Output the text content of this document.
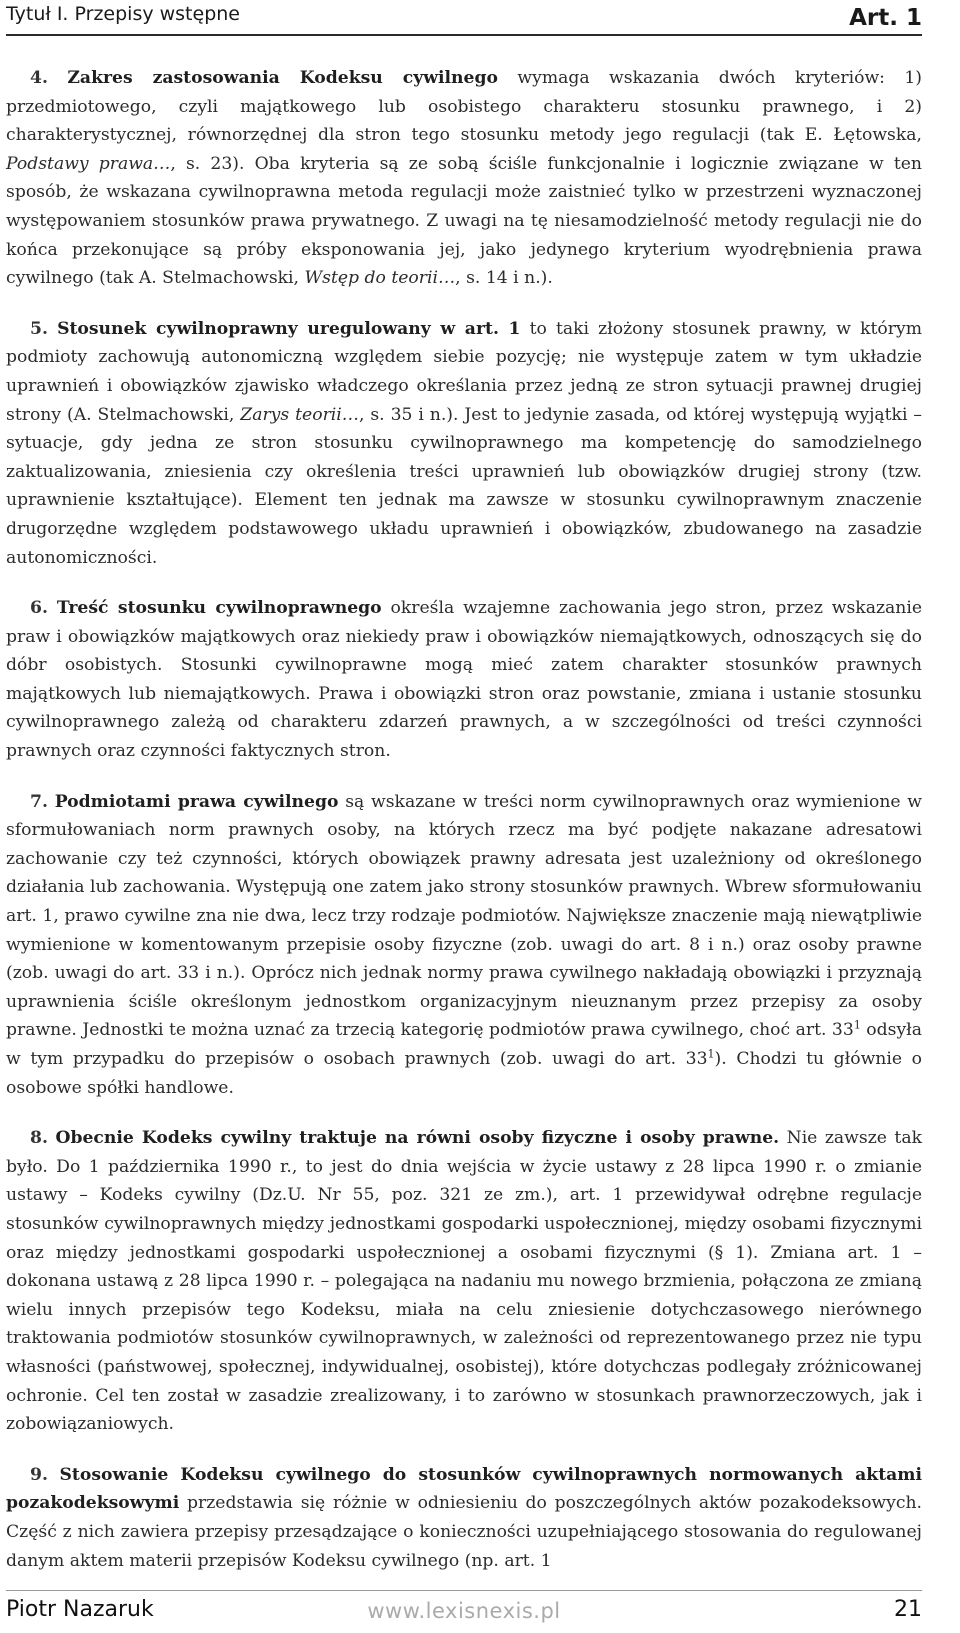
Tytuł I. Przepisy wstępne	Art. 1

4. Zakres zastosowania Kodeksu cywilnego wymaga wskazania dwóch kryteriów: 1) przedmiotowego, czyli majątkowego lub osobistego charakteru stosunku prawnego, i 2) charakterystycznej, równorzędnej dla stron tego stosunku metody jego regulacji (tak E. Łętowska, Podstawy prawa…, s. 23). Oba kryteria są ze sobą ściśle funkcjonalnie i logicznie związane w ten sposób, że wskazana cywilnoprawna metoda regulacji może zaistnieć tylko w przestrzeni wyznaczonej występowaniem stosunków prawa prywatnego. Z uwagi na tę niesamodzielność metody regulacji nie do końca przekonujące są próby eksponowania jej, jako jedynego kryterium wyodrębnienia prawa cywilnego (tak A. Stelmachowski, Wstęp do teorii…, s. 14 i n.).

5. Stosunek cywilnoprawny uregulowany w art. 1 to taki złożony stosunek prawny, w którym podmioty zachowują autonomiczną względem siebie pozycję; nie występuje zatem w tym układzie uprawnień i obowiązków zjawisko władczego określania przez jedną ze stron sytuacji prawnej drugiej strony (A. Stelmachowski, Zarys teorii…, s. 35 i n.). Jest to jedynie zasada, od której występują wyjątki – sytuacje, gdy jedna ze stron stosunku cywilnoprawnego ma kompetencję do samodzielnego zaktualizowania, zniesienia czy określenia treści uprawnień lub obowiązków drugiej strony (tzw. uprawnienie kształtujące). Element ten jednak ma zawsze w stosunku cywilnoprawnym znaczenie drugorzędne względem podstawowego układu uprawnień i obowiązków, zbudowanego na zasadzie autonomiczności.

6. Treść stosunku cywilnoprawnego określa wzajemne zachowania jego stron, przez wskazanie praw i obowiązków majątkowych oraz niekiedy praw i obowiązków niemajątkowych, odnoszących się do dóbr osobistych. Stosunki cywilnoprawne mogą mieć zatem charakter stosunków prawnych majątkowych lub niemajątkowych. Prawa i obowiązki stron oraz powstanie, zmiana i ustanie stosunku cywilnoprawnego zależą od charakteru zdarzeń prawnych, a w szczególności od treści czynności prawnych oraz czynności faktycznych stron.

7. Podmiotami prawa cywilnego są wskazane w treści norm cywilnoprawnych oraz wymienione w sformułowaniach norm prawnych osoby, na których rzecz ma być podjęte nakazane adresatowi zachowanie czy też czynności, których obowiązek prawny adresata jest uzależniony od określonego działania lub zachowania. Występują one zatem jako strony stosunków prawnych. Wbrew sformułowaniu art. 1, prawo cywilne zna nie dwa, lecz trzy rodzaje podmiotów. Największe znaczenie mają niewątpliwie wymienione w komentowanym przepisie osoby fizyczne (zob. uwagi do art. 8 i n.) oraz osoby prawne (zob. uwagi do art. 33 i n.). Oprócz nich jednak normy prawa cywilnego nakładają obowiązki i przyznają uprawnienia ściśle określonym jednostkom organizacyjnym nieuznanym przez przepisy za osoby prawne. Jednostki te można uznać za trzecią kategorię podmiotów prawa cywilnego, choć art. $33^1$ odsyła w tym przypadku do przepisów o osobach prawnych (zob. uwagi do art. $33^1$). Chodzi tu głównie o osobowe spółki handlowe.

8. Obecnie Kodeks cywilny traktuje na równi osoby fizyczne i osoby prawne. Nie zawsze tak było. Do 1 października 1990 r., to jest do dnia wejścia w życie ustawy z 28 lipca 1990 r. o zmianie ustawy – Kodeks cywilny (Dz.U. Nr 55, poz. 321 ze zm.), art. 1 przewidywał odrębne regulacje stosunków cywilnoprawnych między jednostkami gospodarki uspołecznionej, między osobami fizycznymi oraz między jednostkami gospodarki uspołecznionej a osobami fizycznymi (§ 1). Zmiana art. 1 – dokonana ustawą z 28 lipca 1990 r. – polegająca na nadaniu mu nowego brzmienia, połączona ze zmianą wielu innych przepisów tego Kodeksu, miała na celu zniesienie dotychczasowego nierównego traktowania podmiotów stosunków cywilnoprawnych, w zależności od reprezentowanego przez nie typu własności (państwowej, społecznej, indywidualnej, osobistej), które dotychczas podlegały zróżnicowanej ochronie. Cel ten został w zasadzie zrealizowany, i to zarówno w stosunkach prawnorzeczowych, jak i zobowiązaniowych.

9. Stosowanie Kodeksu cywilnego do stosunków cywilnoprawnych normowanych aktami pozakodeksowymi przedstawia się różnie w odniesieniu do poszczególnych aktów pozakodeksowych. Część z nich zawiera przepisy przesądzające o konieczności uzupełniającego stosowania do regulowanej danym aktem materii przepisów Kodeksu cywilnego (np. art. 1

Piotr Nazaruk	www.lexisnexis.pl	21
